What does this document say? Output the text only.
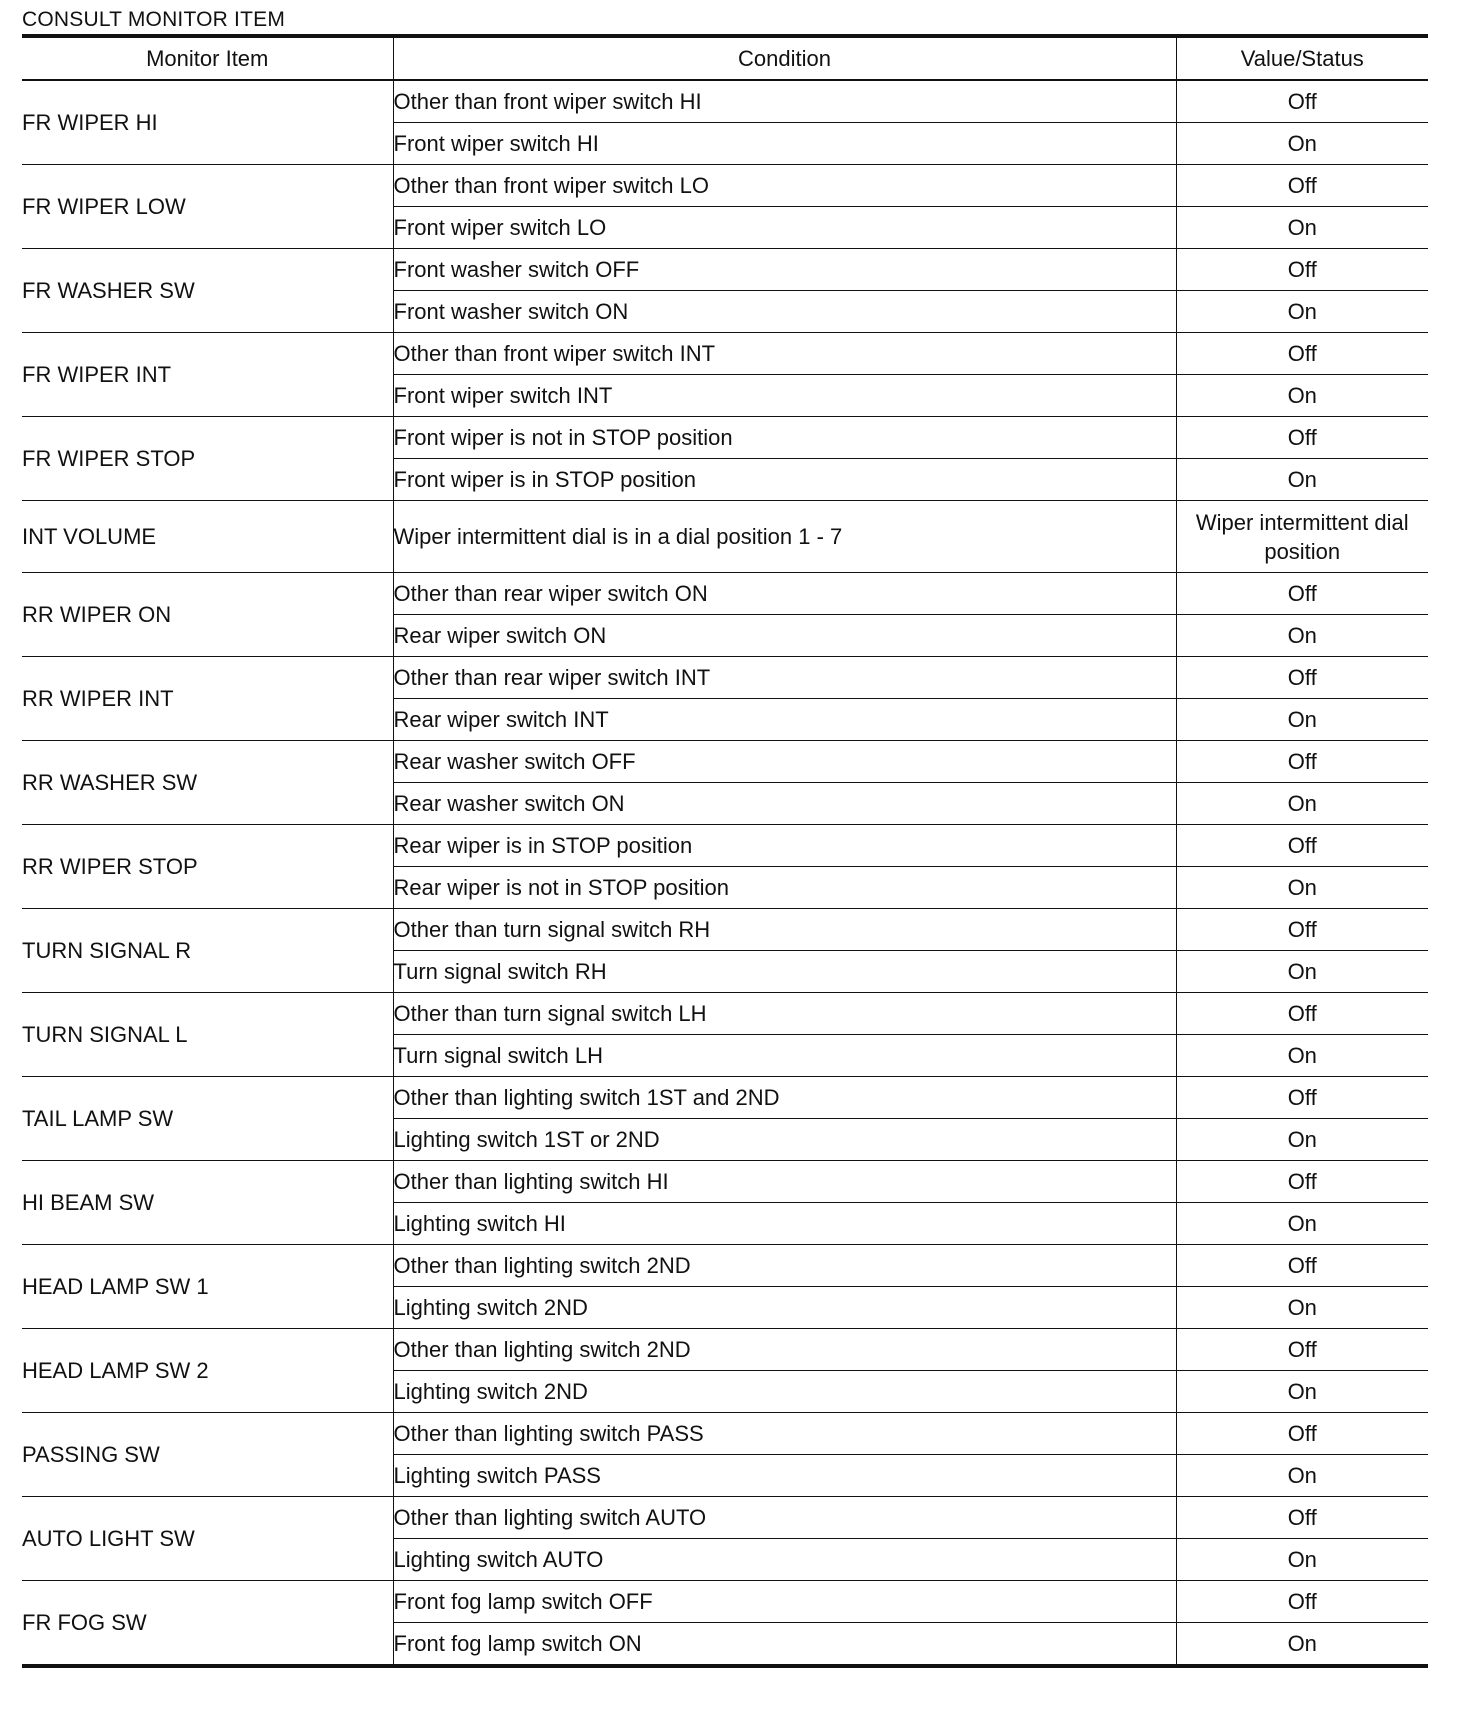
CONSULT MONITOR ITEM
Monitor Item	Condition	Value/Status
FR WIPER HI	Other than front wiper switch HI	Off
	Front wiper switch HI	On
FR WIPER LOW	Other than front wiper switch LO	Off
	Front wiper switch LO	On
FR WASHER SW	Front washer switch OFF	Off
	Front washer switch ON	On
FR WIPER INT	Other than front wiper switch INT	Off
	Front wiper switch INT	On
FR WIPER STOP	Front wiper is not in STOP position	Off
	Front wiper is in STOP position	On
INT VOLUME	Wiper intermittent dial is in a dial position 1 - 7	Wiper intermittent dial position
RR WIPER ON	Other than rear wiper switch ON	Off
	Rear wiper switch ON	On
RR WIPER INT	Other than rear wiper switch INT	Off
	Rear wiper switch INT	On
RR WASHER SW	Rear washer switch OFF	Off
	Rear washer switch ON	On
RR WIPER STOP	Rear wiper is in STOP position	Off
	Rear wiper is not in STOP position	On
TURN SIGNAL R	Other than turn signal switch RH	Off
	Turn signal switch RH	On
TURN SIGNAL L	Other than turn signal switch LH	Off
	Turn signal switch LH	On
TAIL LAMP SW	Other than lighting switch 1ST and 2ND	Off
	Lighting switch 1ST or 2ND	On
HI BEAM SW	Other than lighting switch HI	Off
	Lighting switch HI	On
HEAD LAMP SW 1	Other than lighting switch 2ND	Off
	Lighting switch 2ND	On
HEAD LAMP SW 2	Other than lighting switch 2ND	Off
	Lighting switch 2ND	On
PASSING SW	Other than lighting switch PASS	Off
	Lighting switch PASS	On
AUTO LIGHT SW	Other than lighting switch AUTO	Off
	Lighting switch AUTO	On
FR FOG SW	Front fog lamp switch OFF	Off
	Front fog lamp switch ON	On
